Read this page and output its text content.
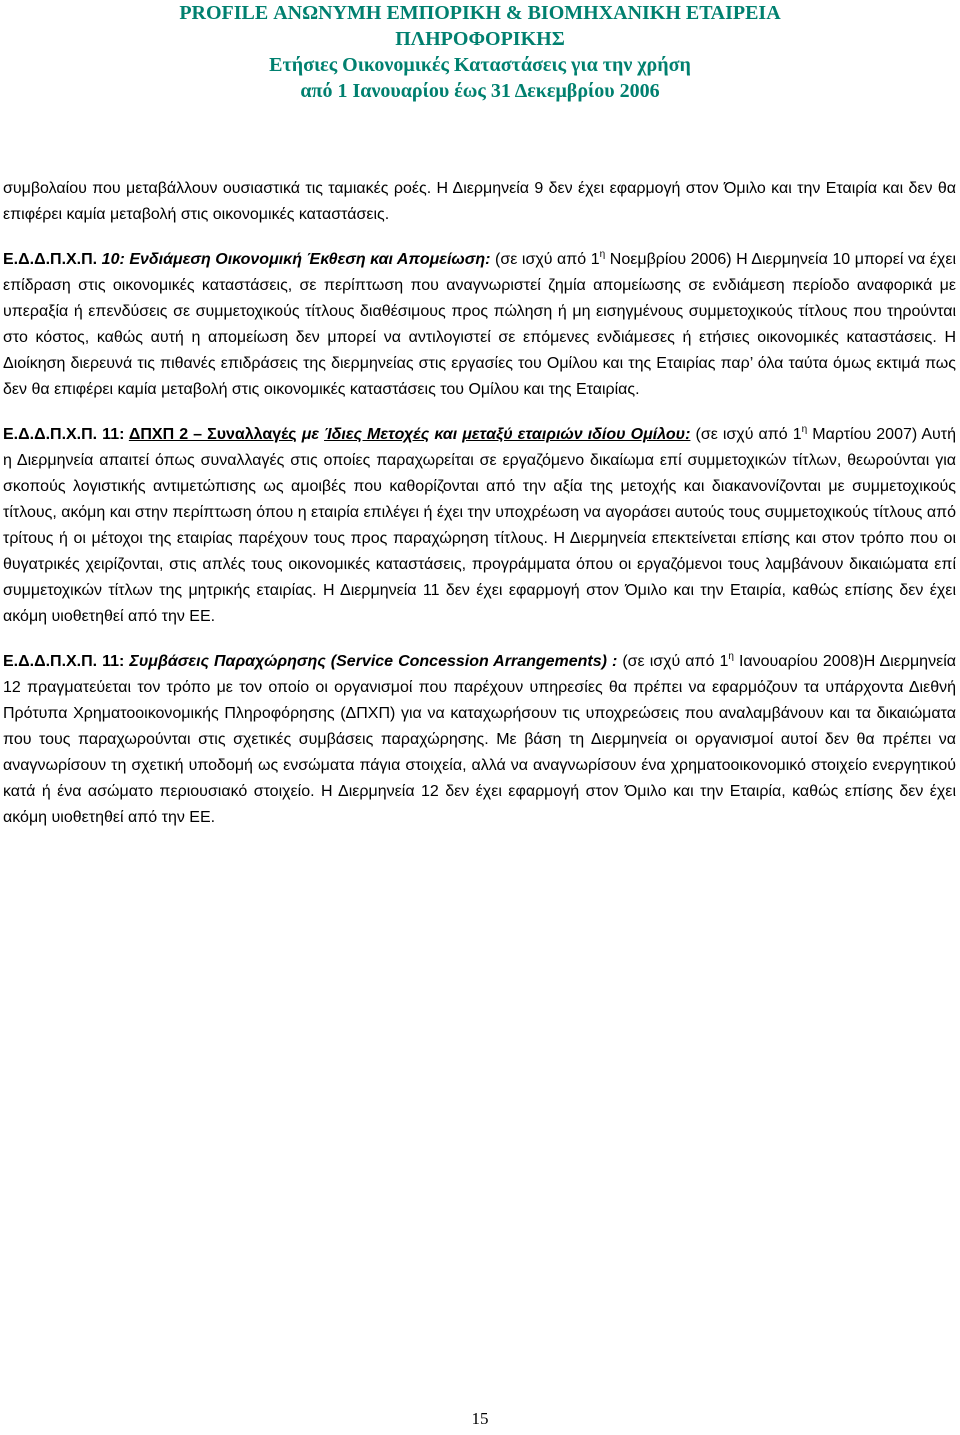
PROFILE ΑΝΩΝΥΜΗ ΕΜΠΟΡΙΚΗ & ΒΙΟΜΗΧΑΝΙΚΗ ΕΤΑΙΡΕΙΑ
ΠΛΗΡΟΦΟΡΙΚΗΣ
Ετήσιες Οικονομικές Καταστάσεις για την χρήση
από 1 Ιανουαρίου έως 31 Δεκεμβρίου 2006

συμβολαίου που μεταβάλλουν ουσιαστικά τις ταμιακές ροές. Η Διερμηνεία 9 δεν έχει εφαρμογή στον Όμιλο και την Εταιρία και δεν θα επιφέρει καμία μεταβολή στις οικονομικές καταστάσεις.

Ε.Δ.Δ.Π.Χ.Π. 10: Ενδιάμεση Οικονομική Έκθεση και Απομείωση: (σε ισχύ από $1^\eta$ Νοεμβρίου 2006) Η Διερμηνεία 10 μπορεί να έχει επίδραση στις οικονομικές καταστάσεις, σε περίπτωση που αναγνωριστεί ζημία απομείωσης σε ενδιάμεση περίοδο αναφορικά με υπεραξία ή επενδύσεις σε συμμετοχικούς τίτλους διαθέσιμους προς πώληση ή μη εισηγμένους συμμετοχικούς τίτλους που τηρούνται στο κόστος, καθώς αυτή η απομείωση δεν μπορεί να αντιλογιστεί σε επόμενες ενδιάμεσες ή ετήσιες οικονομικές καταστάσεις. Η Διοίκηση διερευνά τις πιθανές επιδράσεις της διερμηνείας στις εργασίες του Ομίλου και της Εταιρίας παρ’ όλα ταύτα όμως εκτιμά πως δεν θα επιφέρει καμία μεταβολή στις οικονομικές καταστάσεις του Ομίλου και της Εταιρίας.

Ε.Δ.Δ.Π.Χ.Π. 11: ΔΠΧΠ 2 – Συναλλαγές με Ίδιες Μετοχές και μεταξύ εταιριών ιδίου Ομίλου: (σε ισχύ από $1^\eta$ Μαρτίου 2007) Αυτή η Διερμηνεία απαιτεί όπως συναλλαγές στις οποίες παραχωρείται σε εργαζόμενο δικαίωμα επί συμμετοχικών τίτλων, θεωρούνται για σκοπούς λογιστικής αντιμετώπισης ως αμοιβές που καθορίζονται από την αξία της μετοχής και διακανονίζονται με συμμετοχικούς τίτλους, ακόμη και στην περίπτωση όπου η εταιρία επιλέγει ή έχει την υποχρέωση να αγοράσει αυτούς τους συμμετοχικούς τίτλους από τρίτους ή οι μέτοχοι της εταιρίας παρέχουν τους προς παραχώρηση τίτλους. Η Διερμηνεία επεκτείνεται επίσης και στον τρόπο που οι θυγατρικές χειρίζονται, στις απλές τους οικονομικές καταστάσεις, προγράμματα όπου οι εργαζόμενοι τους λαμβάνουν δικαιώματα επί συμμετοχικών τίτλων της μητρικής εταιρίας. Η Διερμηνεία 11 δεν έχει εφαρμογή στον Όμιλο και την Εταιρία, καθώς επίσης δεν έχει ακόμη υιοθετηθεί από την ΕΕ.

Ε.Δ.Δ.Π.Χ.Π. 11: Συμβάσεις Παραχώρησης (Service Concession Arrangements) : (σε ισχύ από $1^\eta$ Ιανουαρίου 2008)Η Διερμηνεία 12 πραγματεύεται τον τρόπο με τον οποίο οι οργανισμοί που παρέχουν υπηρεσίες θα πρέπει να εφαρμόζουν τα υπάρχοντα Διεθνή Πρότυπα Χρηματοοικονομικής Πληροφόρησης (ΔΠΧΠ) για να καταχωρήσουν τις υποχρεώσεις που αναλαμβάνουν και τα δικαιώματα που τους παραχωρούνται στις σχετικές συμβάσεις παραχώρησης. Με βάση τη Διερμηνεία οι οργανισμοί αυτοί δεν θα πρέπει να αναγνωρίσουν τη σχετική υποδομή ως ενσώματα πάγια στοιχεία, αλλά να αναγνωρίσουν ένα χρηματοοικονομικό στοιχείο ενεργητικού κατά ή ένα ασώματο περιουσιακό στοιχείο. Η Διερμηνεία 12 δεν έχει εφαρμογή στον Όμιλο και την Εταιρία, καθώς επίσης δεν έχει ακόμη υιοθετηθεί από την ΕΕ.

15
